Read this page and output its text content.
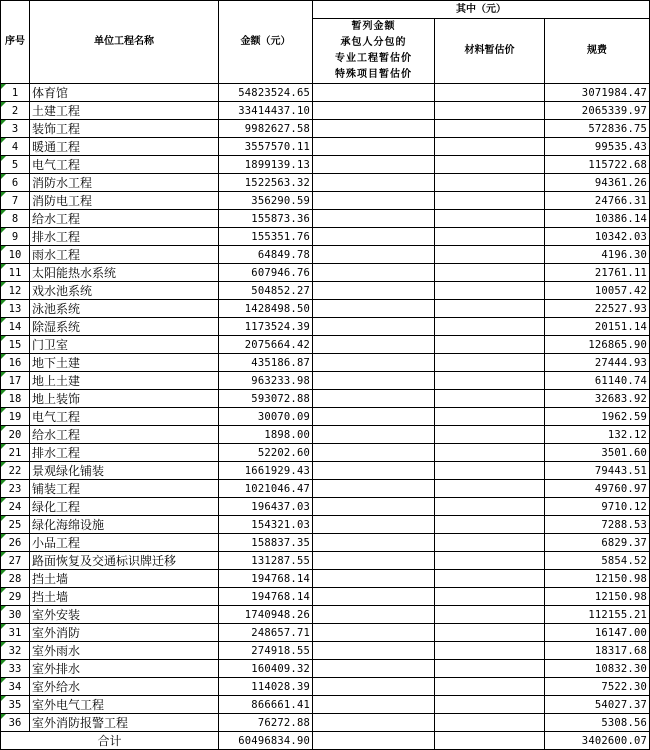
序号	单位工程名称	金额（元）	其中（元）		

			暂列金额
承包人分包的
专业工程暂估价
特殊项目暂估价	材料暂估价	规费

1	体育馆	54823524.65			3071984.47

2	土建工程	33414437.10			2065339.97

3	装饰工程	9982627.58			572836.75

4	暖通工程	3557570.11			99535.43

5	电气工程	1899139.13			115722.68

6	消防水工程	1522563.32			94361.26

7	消防电工程	356290.59			24766.31

8	给水工程	155873.36			10386.14

9	排水工程	155351.76			10342.03

10	雨水工程	64849.78			4196.30

11	太阳能热水系统	607946.76			21761.11

12	戏水池系统	504852.27			10057.42

13	泳池系统	1428498.50			22527.93

14	除湿系统	1173524.39			20151.14

15	门卫室	2075664.42			126865.90

16	地下土建	435186.87			27444.93

17	地上土建	963233.98			61140.74

18	地上装饰	593072.88			32683.92

19	电气工程	30070.09			1962.59

20	给水工程	1898.00			132.12

21	排水工程	52202.60			3501.60

22	景观绿化铺装	1661929.43			79443.51

23	铺装工程	1021046.47			49760.97

24	绿化工程	196437.03			9710.12

25	绿化海绵设施	154321.03			7288.53

26	小品工程	158837.35			6829.37

27	路面恢复及交通标识牌迁移	131287.55			5854.52

28	挡土墙	194768.14			12150.98

29	挡土墙	194768.14			12150.98

30	室外安装	1740948.26			112155.21

31	室外消防	248657.71			16147.00

32	室外雨水	274918.55			18317.68

33	室外排水	160409.32			10832.30

34	室外给水	114028.39			7522.30

35	室外电气工程	866661.41			54027.37

36	室外消防报警工程	76272.88			5308.56
合计		60496834.90			3402600.07
